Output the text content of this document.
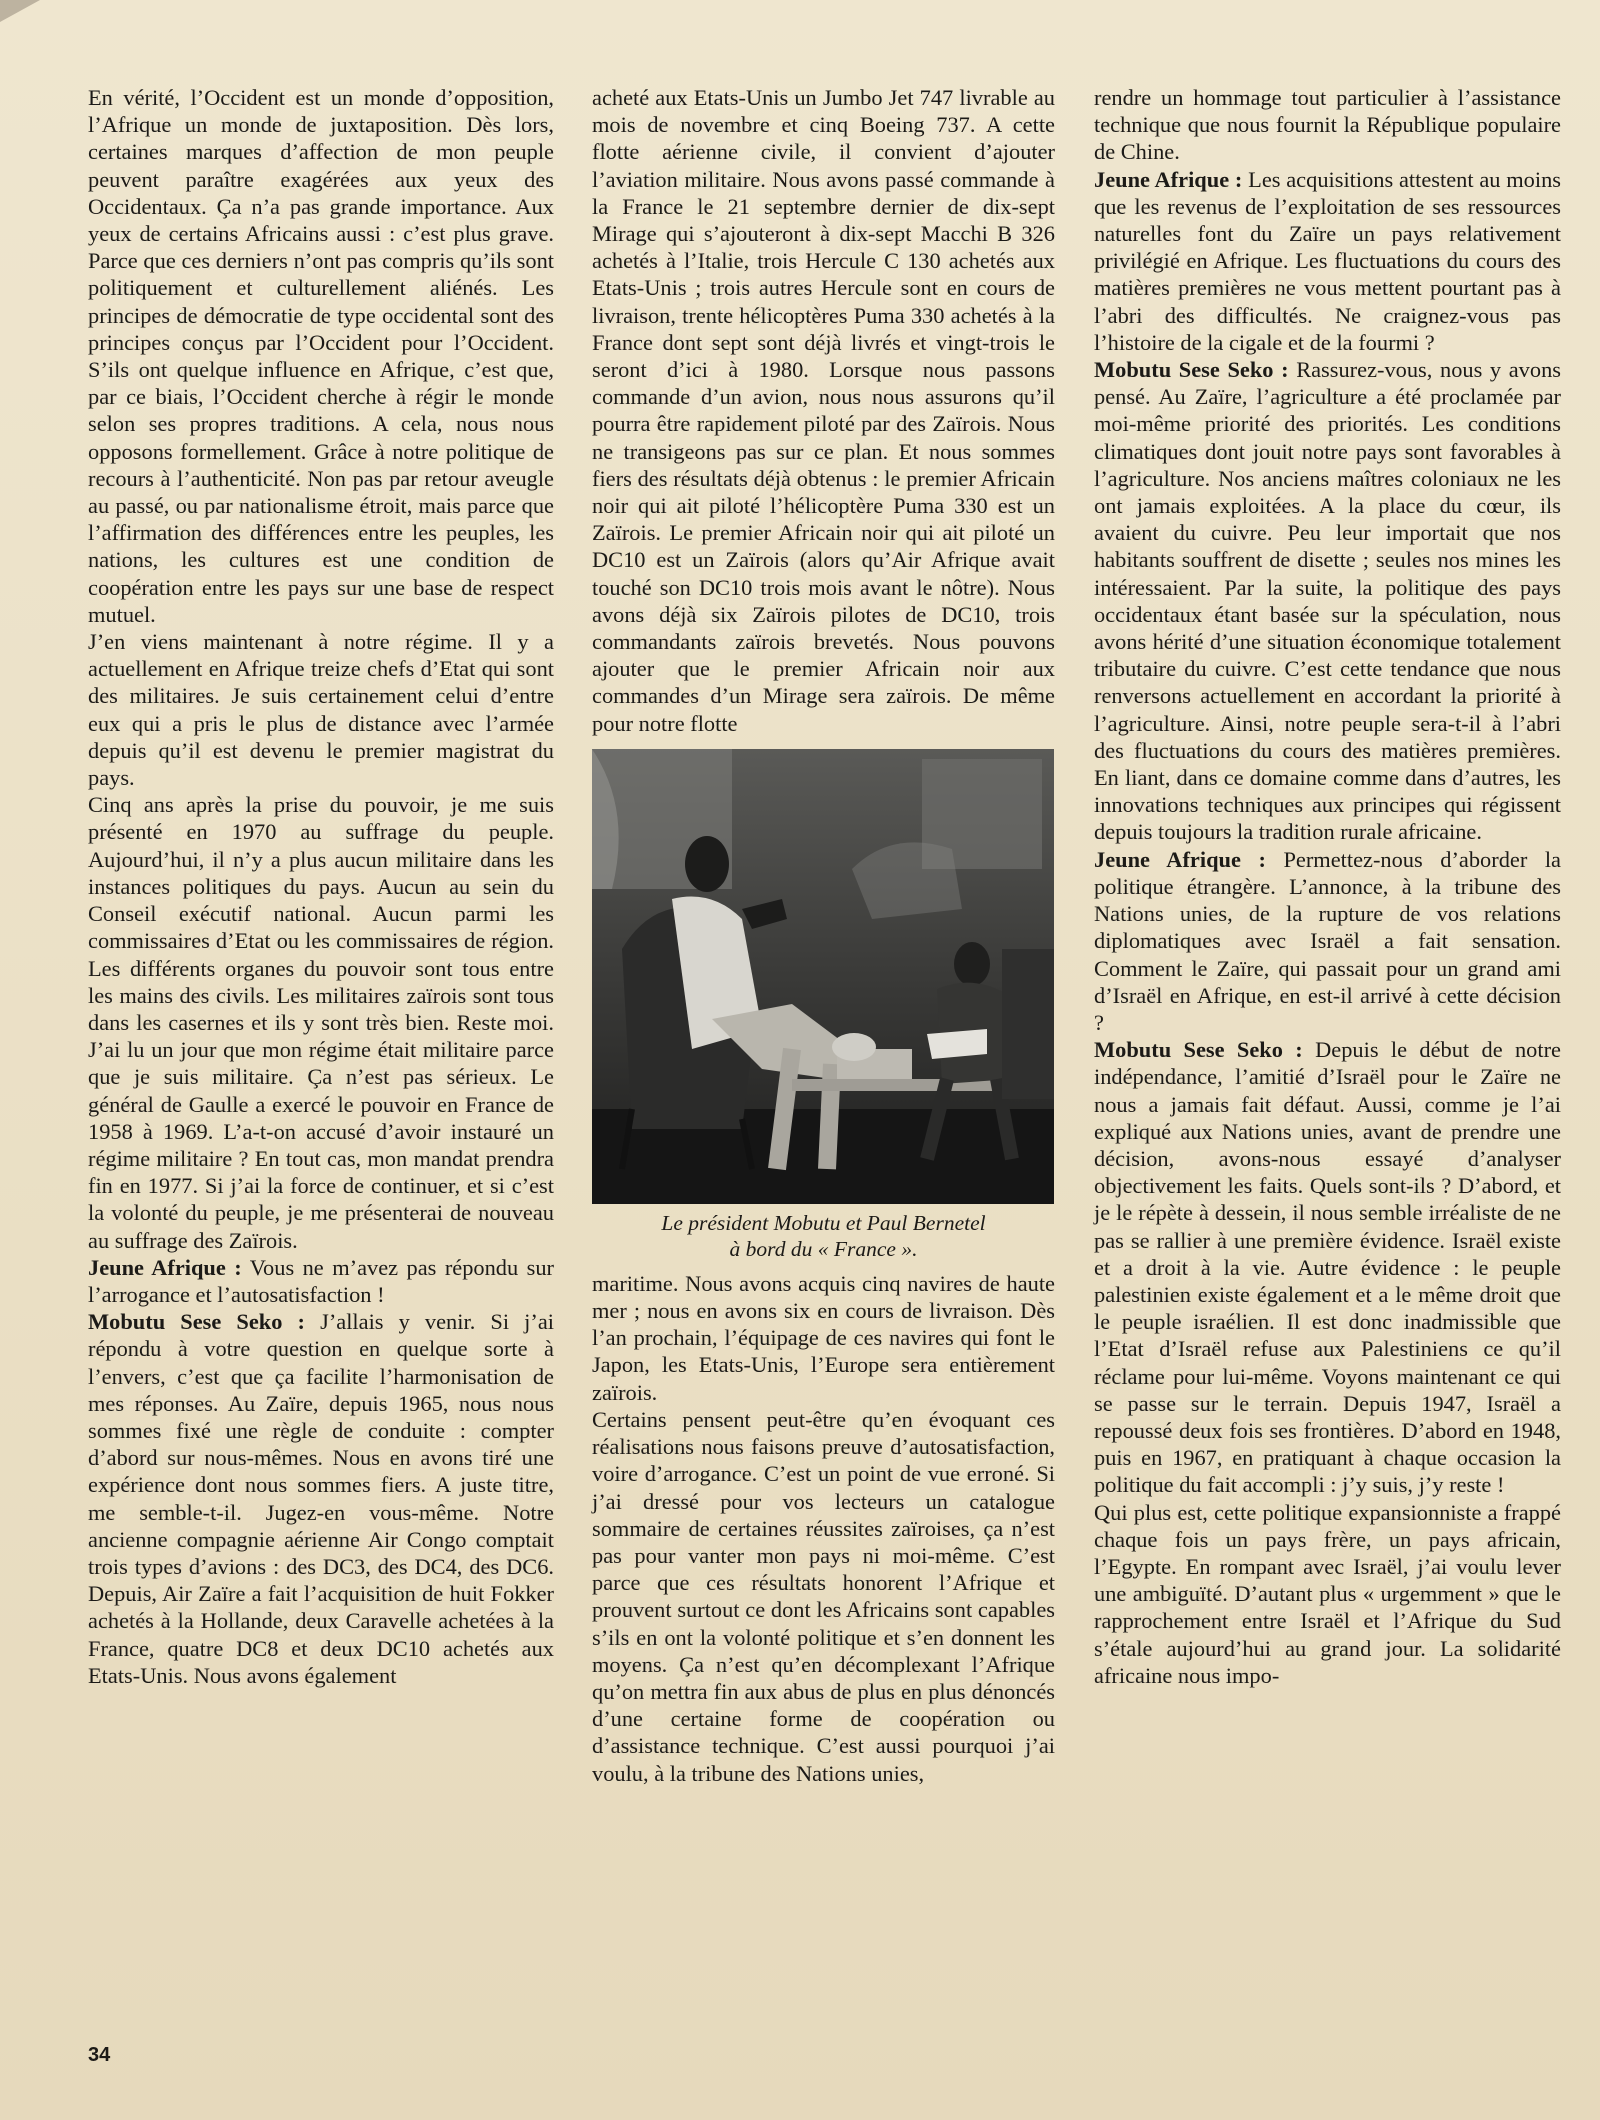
En vérité, l’Occident est un monde d’opposition, l’Afrique un monde de juxtaposition. Dès lors, certaines marques d’affection de mon peuple peuvent paraître exagérées aux yeux des Occidentaux. Ça n’a pas grande importance. Aux yeux de certains Africains aussi : c’est plus grave. Parce que ces derniers n’ont pas compris qu’ils sont politiquement et culturellement aliénés. Les principes de démocratie de type occidental sont des principes conçus par l’Occident pour l’Occident. S’ils ont quelque influence en Afrique, c’est que, par ce biais, l’Occident cherche à régir le monde selon ses propres traditions. A cela, nous nous opposons formellement. Grâce à notre politique de recours à l’authenticité. Non pas par retour aveugle au passé, ou par nationalisme étroit, mais parce que l’affirmation des différences entre les peuples, les nations, les cultures est une condition de coopération entre les pays sur une base de respect mutuel.

J’en viens maintenant à notre régime. Il y a actuellement en Afrique treize chefs d’Etat qui sont des militaires. Je suis certainement celui d’entre eux qui a pris le plus de distance avec l’armée depuis qu’il est devenu le premier magistrat du pays.

Cinq ans après la prise du pouvoir, je me suis présenté en 1970 au suffrage du peuple. Aujourd’hui, il n’y a plus aucun militaire dans les instances politiques du pays. Aucun au sein du Conseil exécutif national. Aucun parmi les commissaires d’Etat ou les commissaires de région. Les différents organes du pouvoir sont tous entre les mains des civils. Les militaires zaïrois sont tous dans les casernes et ils y sont très bien. Reste moi. J’ai lu un jour que mon régime était militaire parce que je suis militaire. Ça n’est pas sérieux. Le général de Gaulle a exercé le pouvoir en France de 1958 à 1969. L’a-t-on accusé d’avoir instauré un régime militaire ? En tout cas, mon mandat prendra fin en 1977. Si j’ai la force de continuer, et si c’est la volonté du peuple, je me présenterai de nouveau au suffrage des Zaïrois.

Jeune Afrique : Vous ne m’avez pas répondu sur l’arrogance et l’autosatisfaction !

Mobutu Sese Seko : J’allais y venir. Si j’ai répondu à votre question en quelque sorte à l’envers, c’est que ça facilite l’harmonisation de mes réponses. Au Zaïre, depuis 1965, nous nous sommes fixé une règle de conduite : compter d’abord sur nous-mêmes. Nous en avons tiré une expérience dont nous sommes fiers. A juste titre, me semble-t-il. Jugez-en vous-même. Notre ancienne compagnie aérienne Air Congo comptait trois types d’avions : des DC3, des DC4, des DC6. Depuis, Air Zaïre a fait l’acquisition de huit Fokker achetés à la Hollande, deux Caravelle achetées à la France, quatre DC8 et deux DC10 achetés aux Etats-Unis. Nous avons également

acheté aux Etats-Unis un Jumbo Jet 747 livrable au mois de novembre et cinq Boeing 737. A cette flotte aérienne civile, il convient d’ajouter l’aviation militaire. Nous avons passé commande à la France le 21 septembre dernier de dix-sept Mirage qui s’ajouteront à dix-sept Macchi B 326 achetés à l’Italie, trois Hercule C 130 achetés aux Etats-Unis ; trois autres Hercule sont en cours de livraison, trente hélicoptères Puma 330 achetés à la France dont sept sont déjà livrés et vingt-trois le seront d’ici à 1980. Lorsque nous passons commande d’un avion, nous nous assurons qu’il pourra être rapidement piloté par des Zaïrois. Nous ne transigeons pas sur ce plan. Et nous sommes fiers des résultats déjà obtenus : le premier Africain noir qui ait piloté l’hélicoptère Puma 330 est un Zaïrois. Le premier Africain noir qui ait piloté un DC10 est un Zaïrois (alors qu’Air Afrique avait touché son DC10 trois mois avant le nôtre). Nous avons déjà six Zaïrois pilotes de DC10, trois commandants zaïrois brevetés. Nous pouvons ajouter que le premier Africain noir aux commandes d’un Mirage sera zaïrois. De même pour notre flotte

Le président Mobutu et Paul Bernetel
à bord du « France ».

maritime. Nous avons acquis cinq navires de haute mer ; nous en avons six en cours de livraison. Dès l’an prochain, l’équipage de ces navires qui font le Japon, les Etats-Unis, l’Europe sera entièrement zaïrois.

Certains pensent peut-être qu’en évoquant ces réalisations nous faisons preuve d’autosatisfaction, voire d’arrogance. C’est un point de vue erroné. Si j’ai dressé pour vos lecteurs un catalogue sommaire de certaines réussites zaïroises, ça n’est pas pour vanter mon pays ni moi-même. C’est parce que ces résultats honorent l’Afrique et prouvent surtout ce dont les Africains sont capables s’ils en ont la volonté politique et s’en donnent les moyens. Ça n’est qu’en décomplexant l’Afrique qu’on mettra fin aux abus de plus en plus dénoncés d’une certaine forme de coopération ou d’assistance technique. C’est aussi pourquoi j’ai voulu, à la tribune des Nations unies,

rendre un hommage tout particulier à l’assistance technique que nous fournit la République populaire de Chine.

Jeune Afrique : Les acquisitions attestent au moins que les revenus de l’exploitation de ses ressources naturelles font du Zaïre un pays relativement privilégié en Afrique. Les fluctuations du cours des matières premières ne vous mettent pourtant pas à l’abri des difficultés. Ne craignez-vous pas l’histoire de la cigale et de la fourmi ?

Mobutu Sese Seko : Rassurez-vous, nous y avons pensé. Au Zaïre, l’agriculture a été proclamée par moi-même priorité des priorités. Les conditions climatiques dont jouit notre pays sont favorables à l’agriculture. Nos anciens maîtres coloniaux ne les ont jamais exploitées. A la place du cœur, ils avaient du cuivre. Peu leur importait que nos habitants souffrent de disette ; seules nos mines les intéressaient. Par la suite, la politique des pays occidentaux étant basée sur la spéculation, nous avons hérité d’une situation économique totalement tributaire du cuivre. C’est cette tendance que nous renversons actuellement en accordant la priorité à l’agriculture. Ainsi, notre peuple sera-t-il à l’abri des fluctuations du cours des matières premières. En liant, dans ce domaine comme dans d’autres, les innovations techniques aux principes qui régissent depuis toujours la tradition rurale africaine.

Jeune Afrique : Permettez-nous d’aborder la politique étrangère. L’annonce, à la tribune des Nations unies, de la rupture de vos relations diplomatiques avec Israël a fait sensation. Comment le Zaïre, qui passait pour un grand ami d’Israël en Afrique, en est-il arrivé à cette décision ?

Mobutu Sese Seko : Depuis le début de notre indépendance, l’amitié d’Israël pour le Zaïre ne nous a jamais fait défaut. Aussi, comme je l’ai expliqué aux Nations unies, avant de prendre une décision, avons-nous essayé d’analyser objectivement les faits. Quels sont-ils ? D’abord, et je le répète à dessein, il nous semble irréaliste de ne pas se rallier à une première évidence. Israël existe et a droit à la vie. Autre évidence : le peuple palestinien existe également et a le même droit que le peuple israélien. Il est donc inadmissible que l’Etat d’Israël refuse aux Palestiniens ce qu’il réclame pour lui-même. Voyons maintenant ce qui se passe sur le terrain. Depuis 1947, Israël a repoussé deux fois ses frontières. D’abord en 1948, puis en 1967, en pratiquant à chaque occasion la politique du fait accompli : j’y suis, j’y reste !

Qui plus est, cette politique expansionniste a frappé chaque fois un pays frère, un pays africain, l’Egypte. En rompant avec Israël, j’ai voulu lever une ambiguïté. D’autant plus « urgemment » que le rapprochement entre Israël et l’Afrique du Sud s’étale aujourd’hui au grand jour. La solidarité africaine nous impo-

34
